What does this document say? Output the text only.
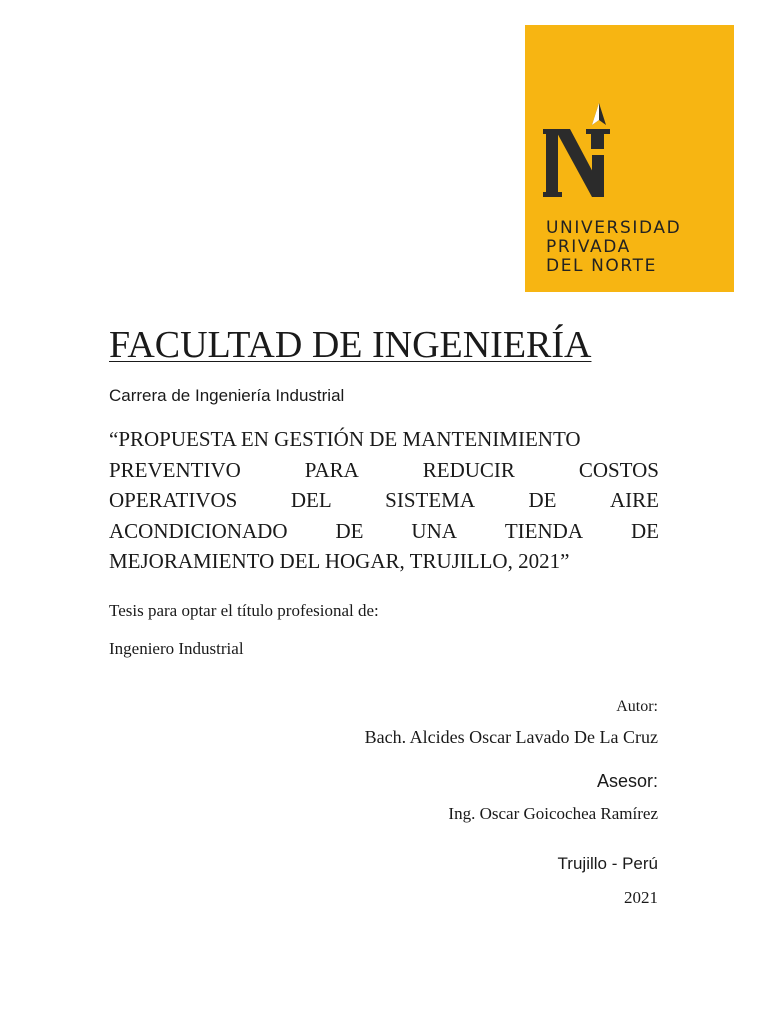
UNIVERSIDAD
PRIVADA
DEL NORTE
FACULTAD DE INGENIERÍA
Carrera de Ingeniería Industrial
“PROPUESTA EN GESTIÓN DE MANTENIMIENTO
PREVENTIVO	PARA	REDUCIR	COSTOS
OPERATIVOS	DEL	SISTEMA	DE	AIRE
ACONDICIONADO DE UNA TIENDA DE
MEJORAMIENTO DEL HOGAR, TRUJILLO, 2021”
Tesis para optar el título profesional de:
Ingeniero Industrial
Autor:
Bach. Alcides Oscar Lavado De La Cruz
Asesor:
Ing. Oscar Goicochea Ramírez
Trujillo - Perú
2021
